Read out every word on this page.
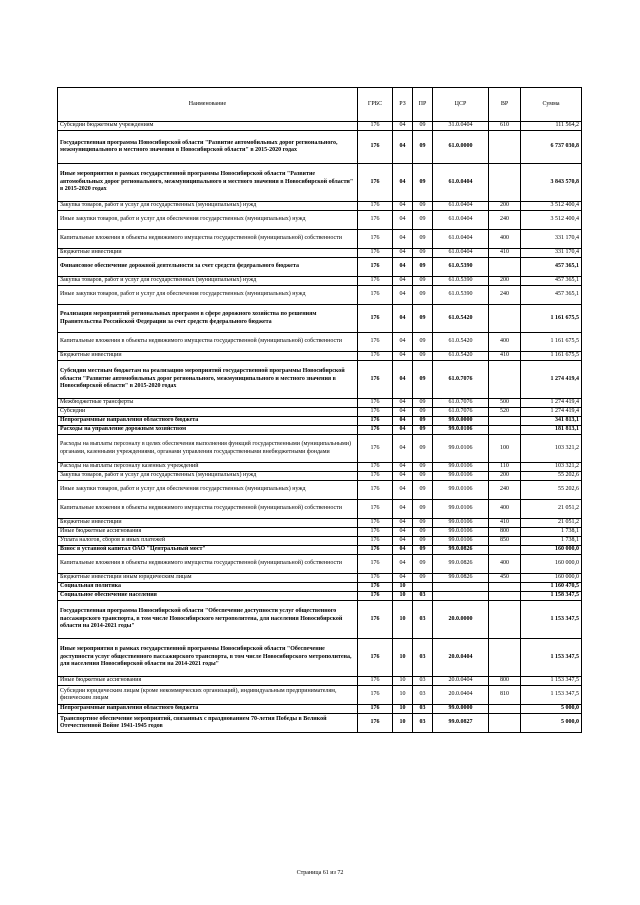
Наименование	ГРБС	РЗ	ПР	ЦСР	ВР	Сумма
Субсидии бюджетным учреждениям	176	04	09	31.0.0404	610	111 564,2
Государственная программа Новосибирской области "Развитие автомобильных дорог регионального, межмуниципального и местного значения в Новосибирской области" в 2015-2020 годах	176	04	09	61.0.0000		6 737 030,8
Иные мероприятия в рамках государственной программы Новосибирской области "Развитие автомобильных дорог регионального, межмуниципального и местного значения в Новосибирской области" в 2015-2020 годах	176	04	09	61.0.0404		3 843 570,8
Закупка товаров, работ и услуг для государственных (муниципальных) нужд	176	04	09	61.0.0404	200	3 512 400,4
Иные закупки товаров, работ и услуг для обеспечения государственных (муниципальных) нужд	176	04	09	61.0.0404	240	3 512 400,4
Капитальные вложения в объекты недвижимого имущества государственной (муниципальной) собственности	176	04	09	61.0.0404	400	331 170,4
Бюджетные инвестиции	176	04	09	61.0.0404	410	331 170,4
Финансовое обеспечение дорожной деятельности за счет средств федерального бюджета	176	04	09	61.0.5390		457 365,1
Закупка товаров, работ и услуг для государственных (муниципальных) нужд	176	04	09	61.0.5390	200	457 365,1
Иные закупки товаров, работ и услуг для обеспечения государственных (муниципальных) нужд	176	04	09	61.0.5390	240	457 365,1
Реализация мероприятий региональных программ в сфере дорожного хозяйства по решениям Правительства Российской Федерации за счет средств федерального бюджета	176	04	09	61.0.5420		1 161 675,5
Капитальные вложения в объекты недвижимого имущества государственной (муниципальной) собственности	176	04	09	61.0.5420	400	1 161 675,5
Бюджетные инвестиции	176	04	09	61.0.5420	410	1 161 675,5
Субсидии местным бюджетам на реализацию мероприятий государственной программы Новосибирской области "Развитие автомобильных дорог регионального, межмуниципального и местного значения в Новосибирской области" в 2015-2020 годах	176	04	09	61.0.7076		1 274 419,4
Межбюджетные трансферты	176	04	09	61.0.7076	500	1 274 419,4
Субсидии	176	04	09	61.0.7076	520	1 274 419,4
Непрограммные направления областного бюджета	176	04	09	99.0.0000		341 813,1
Расходы на управление дорожным хозяйством	176	04	09	99.0.0106		181 813,1
Расходы на выплаты персоналу в целях обеспечения выполнения функций государственными (муниципальными) органами, казенными учреждениями, органами управления государственными внебюджетными фондами	176	04	09	99.0.0106	100	103 321,2
Расходы на выплаты персоналу казенных учреждений	176	04	09	99.0.0106	110	103 321,2
Закупка товаров, работ и услуг для государственных (муниципальных) нужд	176	04	09	99.0.0106	200	55 202,6
Иные закупки товаров, работ и услуг для обеспечения государственных (муниципальных) нужд	176	04	09	99.0.0106	240	55 202,6
Капитальные вложения в объекты недвижимого имущества государственной (муниципальной) собственности	176	04	09	99.0.0106	400	21 051,2
Бюджетные инвестиции	176	04	09	99.0.0106	410	21 051,2
Иные бюджетные ассигнования	176	04	09	99.0.0106	800	1 738,1
Уплата налогов, сборов и иных платежей	176	04	09	99.0.0106	850	1 738,1
Взнос в уставной капитал ОАО "Центральный мост"	176	04	09	99.0.0826		160 000,0
Капитальные вложения в объекты недвижимого имущества государственной (муниципальной) собственности	176	04	09	99.0.0826	400	160 000,0
Бюджетные инвестиции иным юридическим лицам	176	04	09	99.0.0826	450	160 000,0
Социальная политика	176	10				1 160 470,5
Социальное обеспечение населения	176	10	03			1 158 347,5
Государственная программа Новосибирской области "Обеспечение доступности услуг общественного пассажирского транспорта, в том числе Новосибирского метрополитена, для населения Новосибирской области на 2014-2021 годы"	176	10	03	20.0.0000		1 153 347,5
Иные мероприятия в рамках государственной программы Новосибирской области "Обеспечение доступности услуг общественного пассажирского транспорта, в том числе Новосибирского метрополитена, для населения Новосибирской области на 2014-2021 годы"	176	10	03	20.0.0404		1 153 347,5
Иные бюджетные ассигнования	176	10	03	20.0.0404	800	1 153 347,5
Субсидии юридическим лицам (кроме некоммерческих организаций), индивидуальным предпринимателям, физическим лицам	176	10	03	20.0.0404	810	1 153 347,5
Непрограммные направления областного бюджета	176	10	03	99.0.0000		5 000,0
Транспортное обеспечение мероприятий, связанных с празднованием 70-летия Победы в Великой Отечественной Войне 1941-1945 годов	176	10	03	99.0.0827		5 000,0
Страница 61 из 72
